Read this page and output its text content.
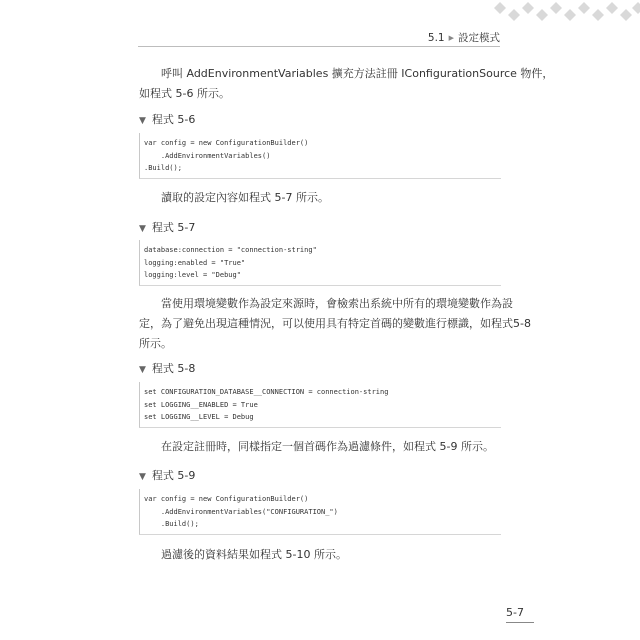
5.1 ▶ 設定模式
呼叫 AddEnvironmentVariables 擴充方法註冊 IConfigurationSource 物件，
如程式 5-6 所示。
▼ 程式 5-6
var config = new ConfigurationBuilder()
.AddEnvironmentVariables()
.Build();
讀取的設定內容如程式 5-7 所示。
▼ 程式 5-7
database:connection = "connection-string"
logging:enabled = "True"
logging:level = "Debug"
當使用環境變數作為設定來源時，會檢索出系統中所有的環境變數作為設
定，為了避免出現這種情況，可以使用具有特定首碼的變數進行標識，如程式5-8
所示。
▼ 程式 5-8
set CONFIGURATION_DATABASE__CONNECTION = connection-string
set LOGGING__ENABLED = True
set LOGGING__LEVEL = Debug
在設定註冊時，同樣指定一個首碼作為過濾條件，如程式 5-9 所示。
▼ 程式 5-9
var config = new ConfigurationBuilder()
.AddEnvironmentVariables("CONFIGURATION_")
.Build();
過濾後的資料結果如程式 5-10 所示。
5-7
